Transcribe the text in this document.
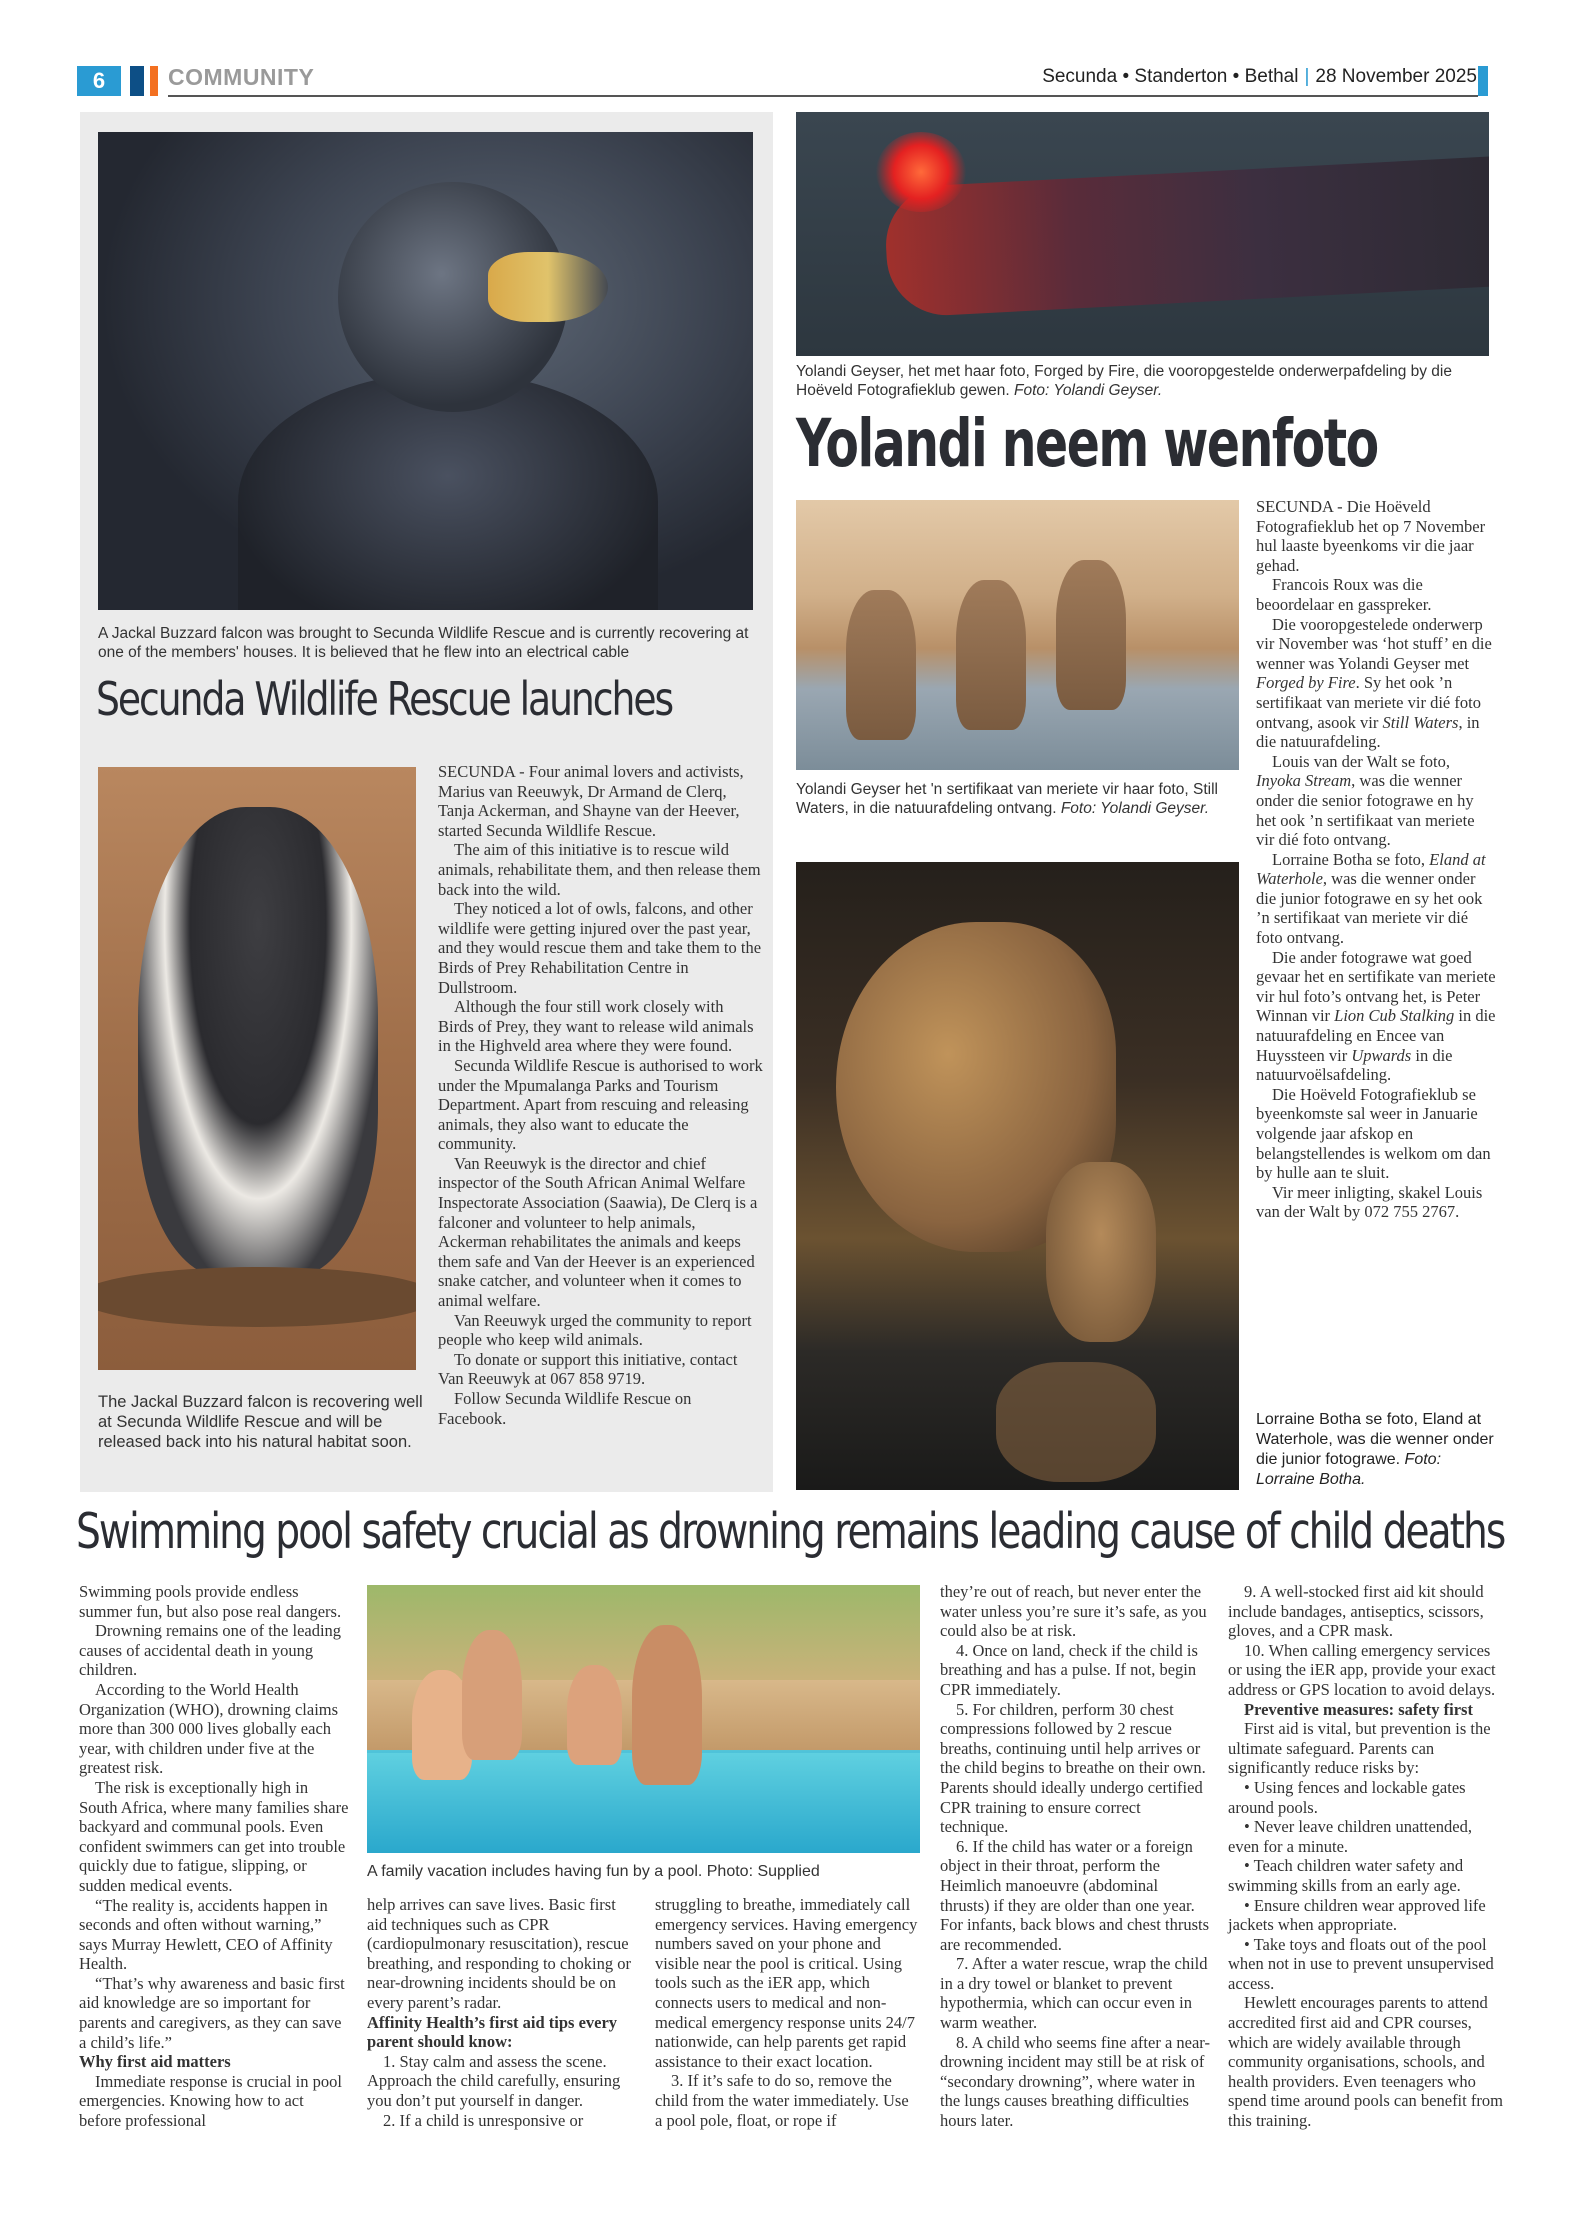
6	COMMUNITY	Secunda • Standerton • Bethal | 28 November 2025
A Jackal Buzzard falcon was brought to Secunda Wildlife Rescue and is currently recovering at one of the members' houses. It is believed that he flew into an electrical cable
Secunda Wildlife Rescue launches
The Jackal Buzzard falcon is recovering well at Secunda Wildlife Rescue and will be released back into his natural habitat soon.

SECUNDA - Four animal lovers and activists, Marius van Reeuwyk, Dr Armand de Clerq, Tanja Ackerman, and Shayne van der Heever, started Secunda Wildlife Rescue.

The aim of this initiative is to rescue wild animals, rehabilitate them, and then release them back into the wild.

They noticed a lot of owls, falcons, and other wildlife were getting injured over the past year, and they would rescue them and take them to the Birds of Prey Rehabilitation Centre in Dullstroom.

Although the four still work closely with Birds of Prey, they want to release wild animals in the Highveld area where they were found.

Secunda Wildlife Rescue is authorised to work under the Mpumalanga Parks and Tourism Department. Apart from rescuing and releasing animals, they also want to educate the community.

Van Reeuwyk is the director and chief inspector of the South African Animal Welfare Inspectorate Association (Saawia), De Clerq is a falconer and volunteer to help animals, Ackerman rehabilitates the animals and keeps them safe and Van der Heever is an experienced snake catcher, and volunteer when it comes to animal welfare.

Van Reeuwyk urged the community to report people who keep wild animals.

To donate or support this initiative, contact Van Reeuwyk at 067 858 9719.

Follow Secunda Wildlife Rescue on Facebook.

Yolandi Geyser, het met haar foto, Forged by Fire, die vooropgestelde onderwerpafdeling by die Hoëveld Fotografieklub gewen. Foto: Yolandi Geyser.
Yolandi neem wenfoto
Yolandi Geyser het 'n sertifikaat van meriete vir haar foto, Still Waters, in die natuurafdeling ontvang. Foto: Yolandi Geyser.

SECUNDA - Die Hoëveld Fotografieklub het op 7 November hul laaste byeenkoms vir die jaar gehad.

Francois Roux was die beoordelaar en gasspreker.

Die vooropgestelede onderwerp vir November was ‘hot stuff’ en die wenner was Yolandi Geyser met Forged by Fire. Sy het ook ’n sertifikaat van meriete vir dié foto ontvang, asook vir Still Waters, in die natuurafdeling.

Louis van der Walt se foto, Inyoka Stream, was die wenner onder die senior fotograwe en hy het ook ’n sertifikaat van meriete vir dié foto ontvang.

Lorraine Botha se foto, Eland at Waterhole, was die wenner onder die junior fotograwe en sy het ook ’n sertifikaat van meriete vir dié foto ontvang.

Die ander fotograwe wat goed gevaar het en sertifikate van meriete vir hul foto’s ontvang het, is Peter Winnan vir Lion Cub Stalking in die natuurafdeling en Encee van Huyssteen vir Upwards in die natuurvoëlsafdeling.

Die Hoëveld Fotografieklub se byeenkomste sal weer in Januarie volgende jaar afskop en belangstellendes is welkom om dan by hulle aan te sluit.

Vir meer inligting, skakel Louis van der Walt by 072 755 2767.

Lorraine Botha se foto, Eland at Waterhole, was die wenner onder die junior fotograwe. Foto: Lorraine Botha.
Swimming pool safety crucial as drowning remains leading cause of child deaths

Swimming pools provide endless summer fun, but also pose real dangers.

Drowning remains one of the leading causes of accidental death in young children.

According to the World Health Organization (WHO), drowning claims more than 300 000 lives globally each year, with children under five at the greatest risk.

The risk is exceptionally high in South Africa, where many families share backyard and communal pools. Even confident swimmers can get into trouble quickly due to fatigue, slipping, or sudden medical events.

“The reality is, accidents happen in seconds and often without warning,” says Murray Hewlett, CEO of Affinity Health.

“That’s why awareness and basic first aid knowledge are so important for parents and caregivers, as they can save a child’s life.”

Why first aid matters

Immediate response is crucial in pool emergencies. Knowing how to act before professional

A family vacation includes having fun by a pool. Photo: Supplied

help arrives can save lives. Basic first aid techniques such as CPR (cardiopulmonary resuscitation), rescue breathing, and responding to choking or near-drowning incidents should be on every parent’s radar.

Affinity Health’s first aid tips every parent should know:

1. Stay calm and assess the scene. Approach the child carefully, ensuring you don’t put yourself in danger.

2. If a child is unresponsive or

struggling to breathe, immediately call emergency services. Having emergency numbers saved on your phone and visible near the pool is critical. Using tools such as the iER app, which connects users to medical and non-medical emergency response units 24/7 nationwide, can help parents get rapid assistance to their exact location.

3. If it’s safe to do so, remove the child from the water immediately. Use a pool pole, float, or rope if

they’re out of reach, but never enter the water unless you’re sure it’s safe, as you could also be at risk.

4. Once on land, check if the child is breathing and has a pulse. If not, begin CPR immediately.

5. For children, perform 30 chest compressions followed by 2 rescue breaths, continuing until help arrives or the child begins to breathe on their own. Parents should ideally undergo certified CPR training to ensure correct technique.

6. If the child has water or a foreign object in their throat, perform the Heimlich manoeuvre (abdominal thrusts) if they are older than one year. For infants, back blows and chest thrusts are recommended.

7. After a water rescue, wrap the child in a dry towel or blanket to prevent hypothermia, which can occur even in warm weather.

8. A child who seems fine after a near-drowning incident may still be at risk of “secondary drowning”, where water in the lungs causes breathing difficulties hours later.

9. A well-stocked first aid kit should include bandages, antiseptics, scissors, gloves, and a CPR mask.

10. When calling emergency services or using the iER app, provide your exact address or GPS location to avoid delays.

Preventive measures: safety first

First aid is vital, but prevention is the ultimate safeguard. Parents can significantly reduce risks by:

• Using fences and lockable gates around pools.

• Never leave children unattended, even for a minute.

• Teach children water safety and swimming skills from an early age.

• Ensure children wear approved life jackets when appropriate.

• Take toys and floats out of the pool when not in use to prevent unsupervised access.

Hewlett encourages parents to attend accredited first aid and CPR courses, which are widely available through community organisations, schools, and health providers. Even teenagers who spend time around pools can benefit from this training.
